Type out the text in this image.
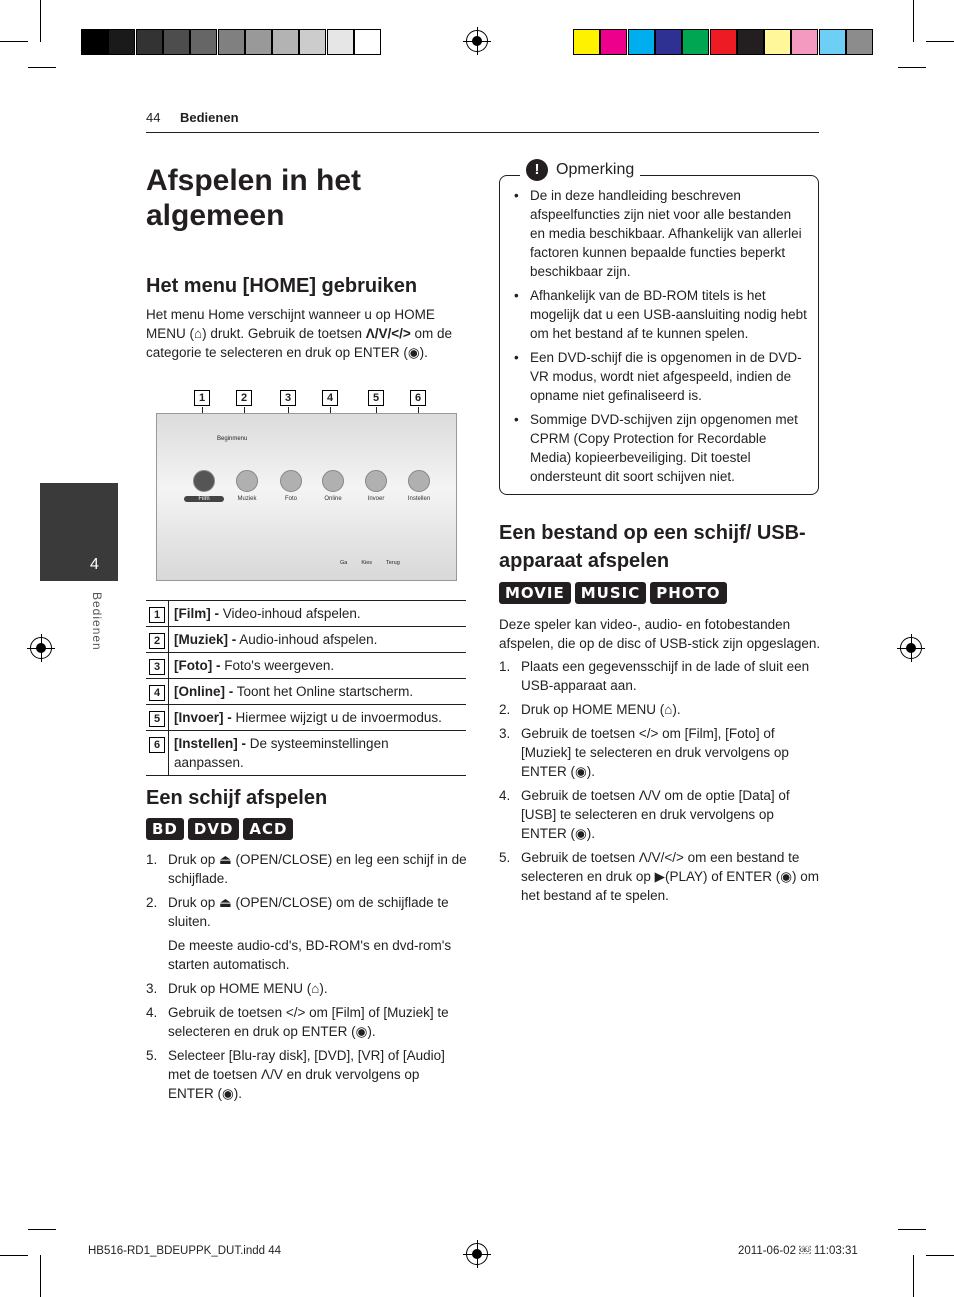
44 Bedienen
4
Bedienen
Afspelen in het algemeen
Het menu [HOME] gebruiken

Het menu Home verschijnt wanneer u op HOME MENU (⌂) drukt. Gebruik de toetsen Λ/V/</> om de categorie te selecteren en druk op ENTER (◉).

1	2	3	4	5	6
Beginmenu
Ga	Kies	Terug
Film	Muziek	Foto	Online	Invoer	Instellen
1	[Film] - Video-inhoud afspelen.
2	[Muziek] - Audio-inhoud afspelen.
3	[Foto] - Foto's weergeven.
4	[Online] - Toont het Online startscherm.
5	[Invoer] - Hiermee wijzigt u de invoermodus.
6	[Instellen] - De systeeminstellingen aanpassen.
Een schijf afspelen
BD	DVD	ACD
1. Druk op ⏏ (OPEN/CLOSE) en leg een schijf in de schijflade.
2. Druk op ⏏ (OPEN/CLOSE) om de schijflade te sluiten.
De meeste audio-cd's, BD-ROM's en dvd-rom's starten automatisch.
3. Druk op HOME MENU (⌂).
4. Gebruik de toetsen </> om [Film] of [Muziek] te selecteren en druk op ENTER (◉).
5. Selecteer [Blu-ray disk], [DVD], [VR] of [Audio] met de toetsen Λ/V en druk vervolgens op ENTER (◉).
!	Opmerking
• De in deze handleiding beschreven afspeelfuncties zijn niet voor alle bestanden en media beschikbaar. Afhankelijk van allerlei factoren kunnen bepaalde functies beperkt beschikbaar zijn.
• Afhankelijk van de BD-ROM titels is het mogelijk dat u een USB-aansluiting nodig hebt om het bestand af te kunnen spelen.
• Een DVD-schijf die is opgenomen in de DVD-VR modus, wordt niet afgespeeld, indien de opname niet gefinaliseerd is.
• Sommige DVD-schijven zijn opgenomen met CPRM (Copy Protection for Recordable Media) kopieerbeveiliging. Dit toestel ondersteunt dit soort schijven niet.
Een bestand op een schijf/ USB-apparaat afspelen
MOVIE	MUSIC	PHOTO

Deze speler kan video-, audio- en fotobestanden afspelen, die op de disc of USB-stick zijn opgeslagen.

1. Plaats een gegevensschijf in de lade of sluit een USB-apparaat aan.
2. Druk op HOME MENU (⌂).
3. Gebruik de toetsen </> om [Film], [Foto] of [Muziek] te selecteren en druk vervolgens op ENTER (◉).
4. Gebruik de toetsen Λ/V om de optie [Data] of [USB] te selecteren en druk vervolgens op ENTER (◉).
5. Gebruik de toetsen Λ/V/</> om een bestand te selecteren en druk op ▶(PLAY) of ENTER (◉) om het bestand af te spelen.
HB516-RD1_BDEUPPK_DUT.indd 44	2011-06-02 ￼ 11:03:31
